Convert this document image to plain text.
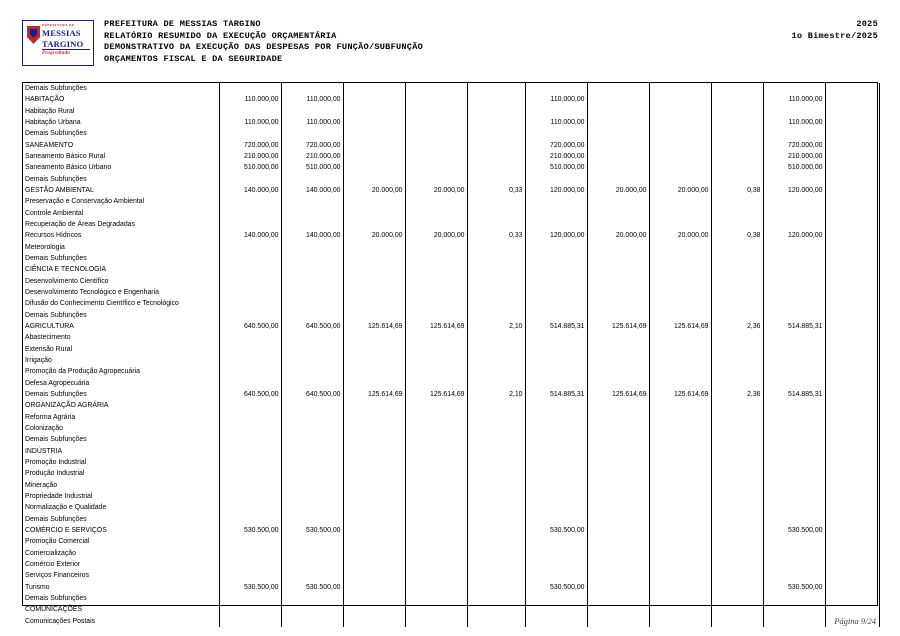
PREFEITURA DE
MESSIAS
TARGINO
Progredindo
PREFEITURA DE MESSIAS TARGINO	2025
RELATÓRIO RESUMIDO DA EXECUÇÃO ORÇAMENTÁRIA	1o Bimestre/2025
DEMONSTRATIVO DA EXECUÇÃO DAS DESPESAS POR FUNÇÃO/SUBFUNÇÃO
ORÇAMENTOS FISCAL E DA SEGURIDADE
Demais Subfunções											
HABITAÇÃO	110.000,00	110.000,00				110.000,00				110.000,00	
Habitação Rural											
Habitação Urbana	110.000,00	110.000,00				110.000,00				110.000,00	
Demais Subfunções											
SANEAMENTO	720.000,00	720.000,00				720.000,00				720.000,00	
Saneamento Básico Rural	210.000,00	210.000,00				210.000,00				210.000,00	
Saneamento Básico Urbano	510.000,00	510.000,00				510.000,00				510.000,00	
Demais Subfunções											
GESTÃO AMBIENTAL	140.000,00	140.000,00	20.000,00	20.000,00	0,33	120.000,00	20.000,00	20.000,00	0,38	120.000,00	
Preservação e Conservação Ambiental											
Controle Ambiental											
Recuperação de Áreas Degradadas											
Recursos Hídricos	140.000,00	140.000,00	20.000,00	20.000,00	0,33	120.000,00	20.000,00	20.000,00	0,38	120.000,00	
Meteorologia											
Demais Subfunções											
CIÊNCIA E TECNOLOGIA											
Desenvolvimento Científico											
Desenvolvimento Tecnológico e Engenharia											
Difusão do Conhecimento Científico e Tecnológico											
Demais Subfunções											
AGRICULTURA	640.500,00	640.500,00	125.614,69	125.614,69	2,10	514.885,31	125.614,69	125.614,69	2,36	514.885,31	
Abastecimento											
Extensão Rural											
Irrigação											
Promoção da Produção Agropecuária											
Defesa Agropecuária											
Demais Subfunções	640.500,00	640.500,00	125.614,69	125.614,69	2,10	514.885,31	125.614,69	125.614,69	2,36	514.885,31	
ORGANIZAÇÃO AGRÁRIA											
Reforma Agrária											
Colonização											
Demais Subfunções											
INDÚSTRIA											
Promoção Industrial											
Produção Industrial											
Mineração											
Propriedade Industrial											
Normalização e Qualidade											
Demais Subfunções											
COMÉRCIO E SERVIÇOS	530.500,00	530.500,00				530.500,00				530.500,00	
Promoção Comercial											
Comercialização											
Comércio Exterior											
Serviços Financeiros											
Turismo	530.500,00	530.500,00				530.500,00				530.500,00	
Demais Subfunções											
COMUNICAÇÕES											
Comunicações Postais												Página 9/24
